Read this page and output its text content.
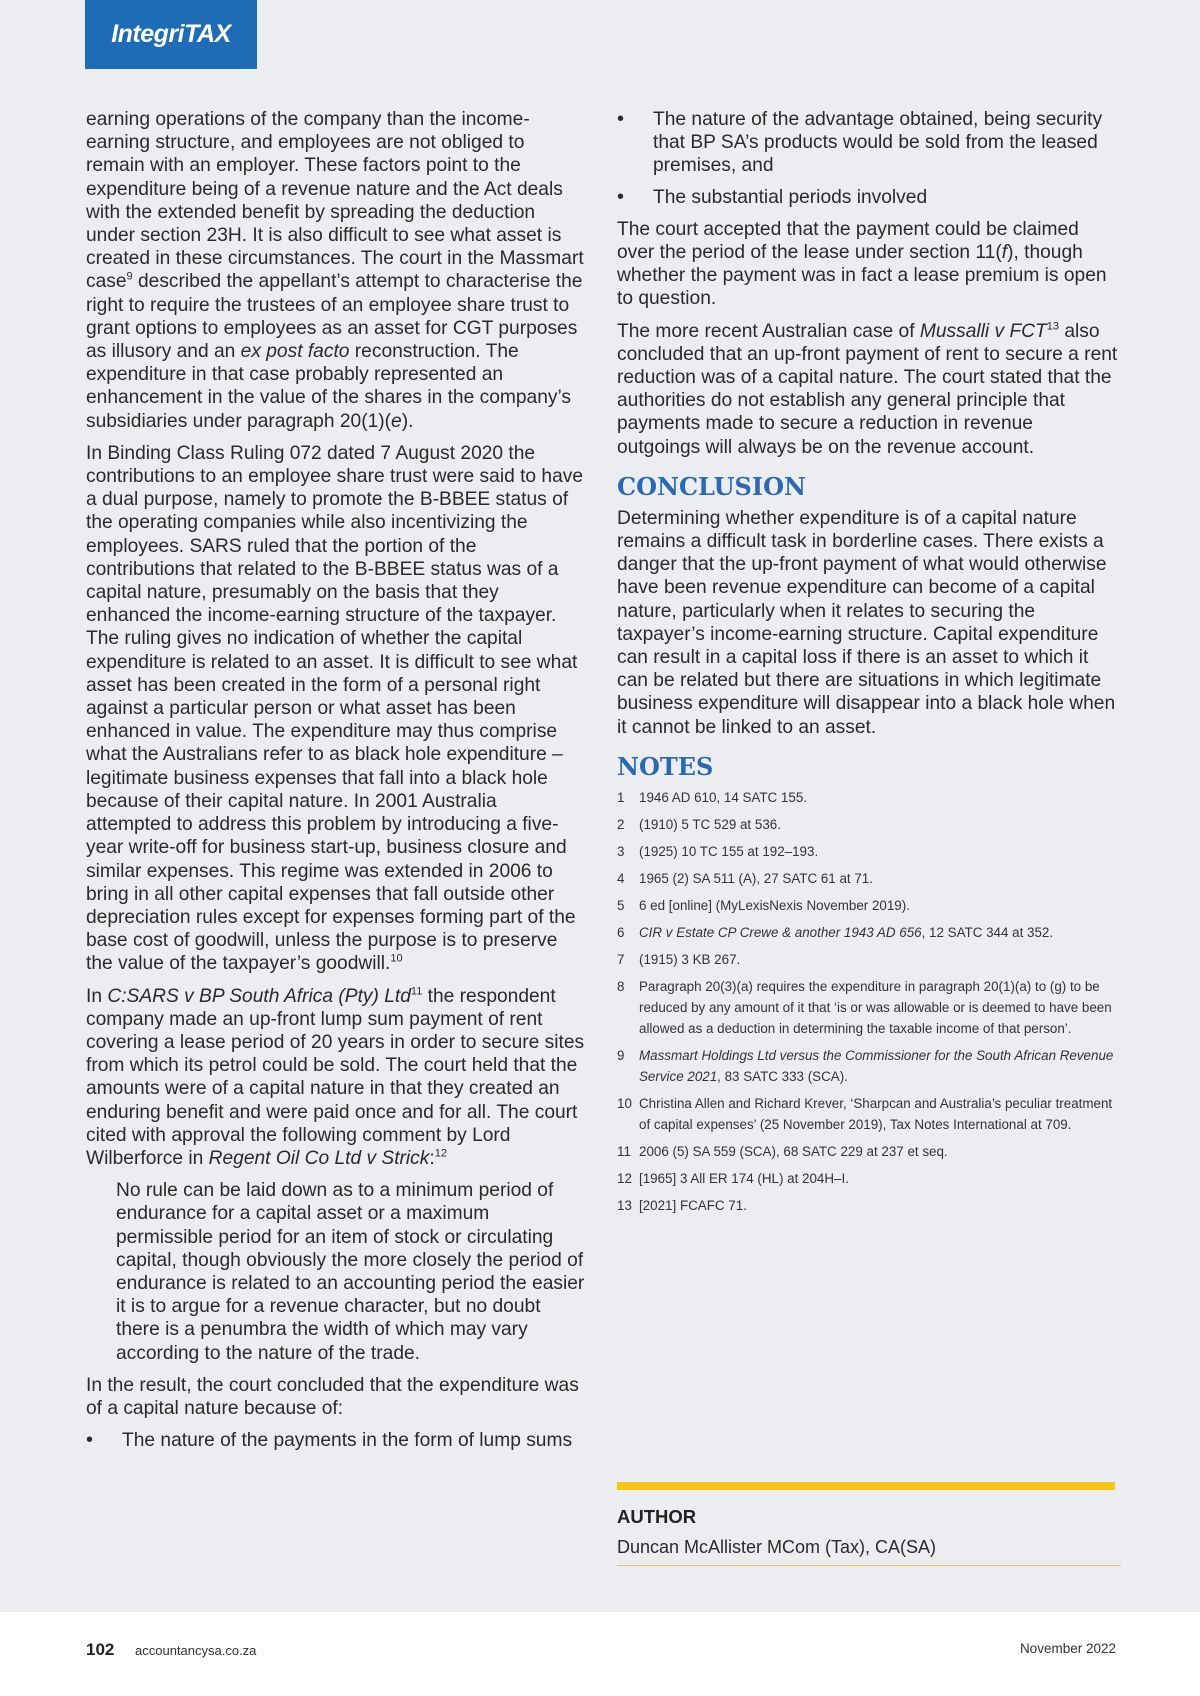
IntegriTAX

earning operations of the company than the income-earning structure, and employees are not obliged to remain with an employer. These factors point to the expenditure being of a revenue nature and the Act deals with the extended benefit by spreading the deduction under section 23H. It is also difficult to see what asset is created in these circumstances. The court in the Massmart case$^9$ described the appellant’s attempt to characterise the right to require the trustees of an employee share trust to grant options to employees as an asset for CGT purposes as illusory and an ex post facto reconstruction. The expenditure in that case probably represented an enhancement in the value of the shares in the company’s subsidiaries under paragraph 20(1)(e).

In Binding Class Ruling 072 dated 7 August 2020 the contributions to an employee share trust were said to have a dual purpose, namely to promote the B-BBEE status of the operating companies while also incentivizing the employees. SARS ruled that the portion of the contributions that related to the B-BBEE status was of a capital nature, presumably on the basis that they enhanced the income-earning structure of the taxpayer. The ruling gives no indication of whether the capital expenditure is related to an asset. It is difficult to see what asset has been created in the form of a personal right against a particular person or what asset has been enhanced in value. The expenditure may thus comprise what the Australians refer to as black hole expenditure – legitimate business expenses that fall into a black hole because of their capital nature. In 2001 Australia attempted to address this problem by introducing a five-year write-off for business start-up, business closure and similar expenses. This regime was extended in 2006 to bring in all other capital expenses that fall outside other depreciation rules except for expenses forming part of the base cost of goodwill, unless the purpose is to preserve the value of the taxpayer’s goodwill.$^{10}$

In C:SARS v BP South Africa (Pty) Ltd$^{11}$ the respondent company made an up-front lump sum payment of rent covering a lease period of 20 years in order to secure sites from which its petrol could be sold. The court held that the amounts were of a capital nature in that they created an enduring benefit and were paid once and for all. The court cited with approval the following comment by Lord Wilberforce in Regent Oil Co Ltd v Strick:$^{12}$

No rule can be laid down as to a minimum period of endurance for a capital asset or a maximum permissible period for an item of stock or circulating capital, though obviously the more closely the period of endurance is related to an accounting period the easier it is to argue for a revenue character, but no doubt there is a penumbra the width of which may vary according to the nature of the trade.

In the result, the court concluded that the expenditure was of a capital nature because of:

• The nature of the payments in the form of lump sums
• The nature of the advantage obtained, being security that BP SA’s products would be sold from the leased premises, and
• The substantial periods involved

The court accepted that the payment could be claimed over the period of the lease under section 11(f), though whether the payment was in fact a lease premium is open to question.

The more recent Australian case of Mussalli v FCT$^{13}$ also concluded that an up-front payment of rent to secure a rent reduction was of a capital nature. The court stated that the authorities do not establish any general principle that payments made to secure a reduction in revenue outgoings will always be on the revenue account.

CONCLUSION

Determining whether expenditure is of a capital nature remains a difficult task in borderline cases. There exists a danger that the up-front payment of what would otherwise have been revenue expenditure can become of a capital nature, particularly when it relates to securing the taxpayer’s income-earning structure. Capital expenditure can result in a capital loss if there is an asset to which it can be related but there are situations in which legitimate business expenditure will disappear into a black hole when it cannot be linked to an asset.

NOTES
1	1946 AD 610, 14 SATC 155.
2	(1910) 5 TC 529 at 536.
3	(1925) 10 TC 155 at 192–193.
4	1965 (2) SA 511 (A), 27 SATC 61 at 71.
5	6 ed [online] (MyLexisNexis November 2019).
6	CIR v Estate CP Crewe & another 1943 AD 656, 12 SATC 344 at 352.
7	(1915) 3 KB 267.
8	Paragraph 20(3)(a) requires the expenditure in paragraph 20(1)(a) to (g) to be reduced by any amount of it that ‘is or was allowable or is deemed to have been allowed as a deduction in determining the taxable income of that person’.
9	Massmart Holdings Ltd versus the Commissioner for the South African Revenue Service 2021, 83 SATC 333 (SCA).
10 Christina Allen and Richard Krever, ‘Sharpcan and Australia’s peculiar treatment of capital expenses’ (25 November 2019), Tax Notes International at 709.
11 2006 (5) SA 559 (SCA), 68 SATC 229 at 237 et seq.
12 [1965] 3 All ER 174 (HL) at 204H–I.
13 [2021] FCAFC 71.
AUTHOR
Duncan McAllister MCom (Tax), CA(SA)
102 accountancysa.co.za	November 2022
